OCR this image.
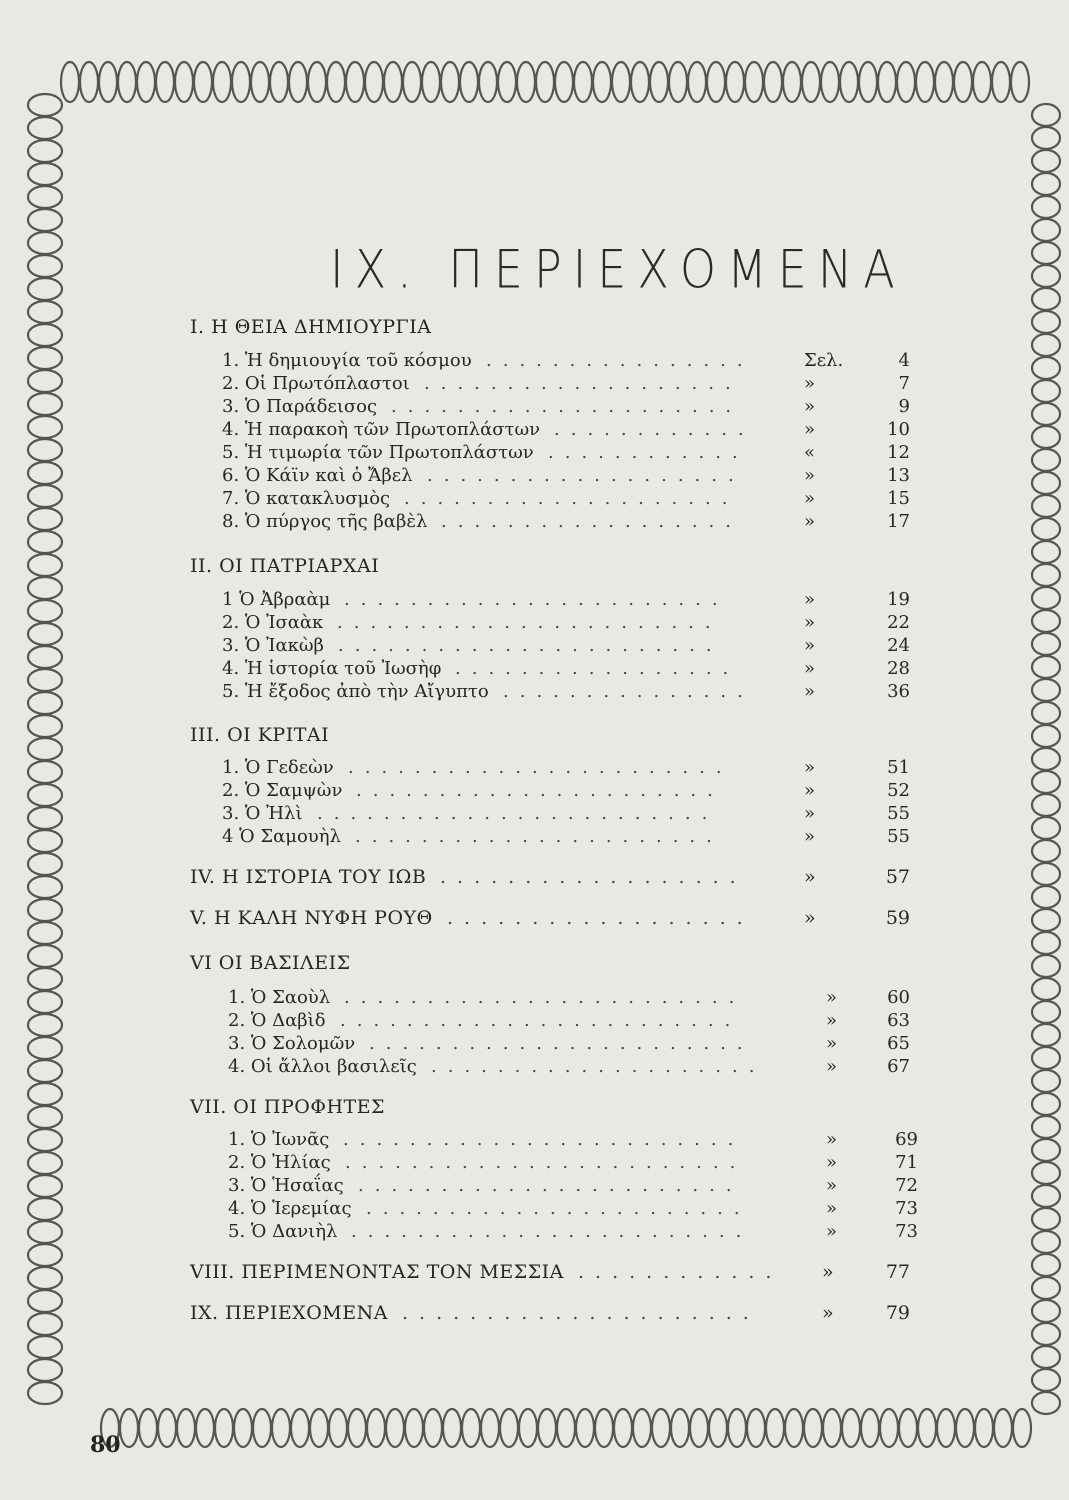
IX. ΠΕΡΙΕΧΟΜΕΝΑ
I. Η ΘΕΙΑ ΔΗΜΙΟΥΡΓΙΑ
................
1. Ἡ δημιουγία τοῦ κόσμου	Σελ.	4
...................
2. Οἱ Πρωτόπλαστοι	»	7
.....................
3. Ὁ Παράδεισος	»	9
............
4. Ἡ παρακοὴ τῶν Πρωτοπλάστων	»	10
............
5. Ἡ τιμωρία τῶν Πρωτοπλάστων	«	12
...................
6. Ὁ Κάϊν καὶ ὁ Ἄβελ	»	13
....................
7. Ὁ κατακλυσμὸς	»	15
..................
8. Ὁ πύργος τῆς βαβὲλ	»	17
II. ΟΙ ΠΑΤΡΙΑΡΧΑΙ
.......................
1 Ὁ Ἀβραὰμ	»	19
.......................
2. Ὁ Ἰσαὰκ	»	22
.......................
3. Ὁ Ἰακὼβ	»	24
.................
4. Ἡ ἱστορία τοῦ Ἰωσὴφ	»	28
...............
5. Ἡ ἔξοδος ἀπὸ τὴν Αἴγυπτο	»	36
III. ΟΙ ΚΡΙΤΑΙ
.......................
1. Ὁ Γεδεὼν	»	51
......................
2. Ὁ Σαμψὼν	»	52
........................
3. Ὁ Ἠλὶ	»	55
......................
4 Ὁ Σαμουὴλ	»	55
..................
IV. Η ΙΣΤΟΡΙΑ ΤΟΥ ΙΩΒ	»	57
..................
V. Η ΚΑΛΗ ΝΥΦΗ ΡΟΥΘ	»	59
VI ΟΙ ΒΑΣΙΛΕΙΣ
........................
1. Ὁ Σαοὺλ	»	60
........................
2. Ὁ Δαβὶδ	»	63
.......................
3. Ὁ Σολομῶν	»	65
....................
4. Οἱ ἄλλοι βασιλεῖς	»	67
VII. ΟΙ ΠΡΟΦΗΤΕΣ
........................
1. Ὁ Ἰωνᾶς	»	69
........................
2. Ὁ Ἠλίας	»	71
.......................
3. Ὁ Ἡσαΐας	»	72
.......................
4. Ὁ Ἱερεμίας	»	73
........................
5. Ὁ Δανιὴλ	»	73
............
VIII. ΠΕΡΙΜΕΝΟΝΤΑΣ ΤΟΝ ΜΕΣΣΙΑ	»	77
.....................
IX. ΠΕΡΙΕΧΟΜΕΝΑ	»	79
80
